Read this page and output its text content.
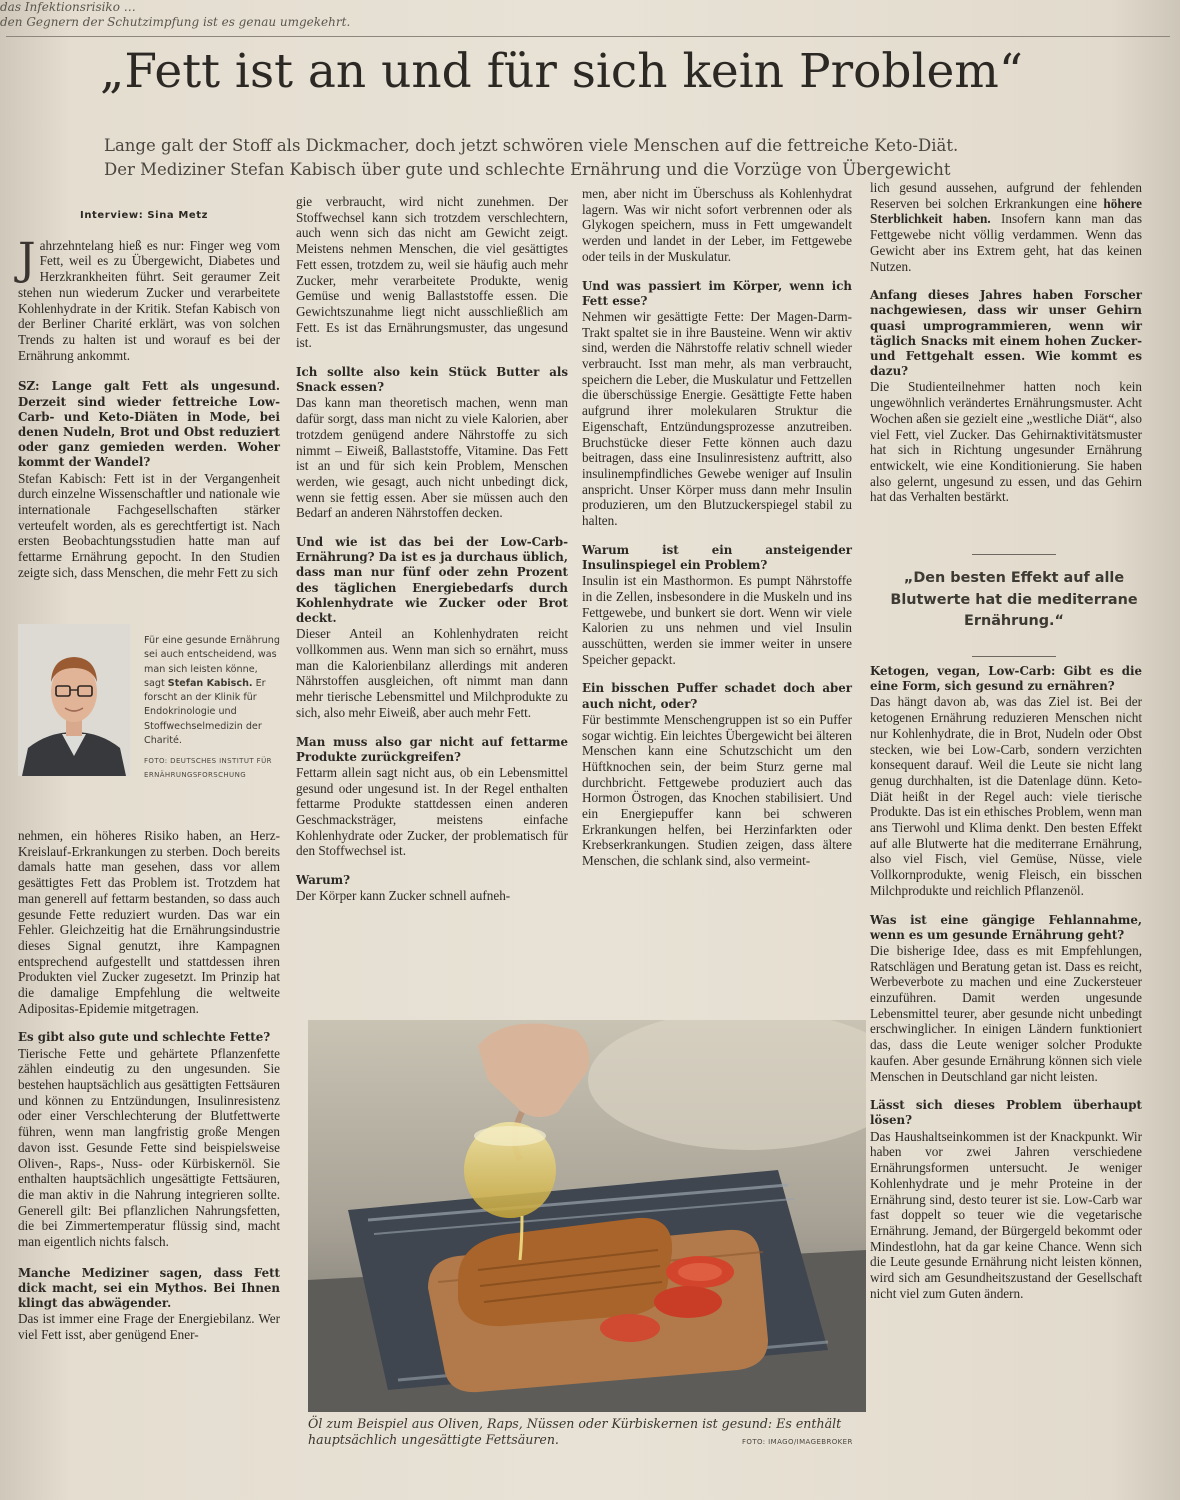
das Infektionsrisiko …
den Gegnern der Schutzimpfung ist es genau umgekehrt.
„Fett ist an und für sich kein Problem“
Lange galt der Stoff als Dickmacher, doch jetzt schwören viele Menschen auf die fettreiche Keto-Diät.
Der Mediziner Stefan Kabisch über gute und schlechte Ernährung und die Vorzüge von Übergewicht

Interview: Sina Metz

Jahrzehntelang hieß es nur: Finger weg vom Fett, weil es zu Übergewicht, Diabetes und Herzkrankheiten führt. Seit geraumer Zeit stehen nun wiederum Zucker und verarbeitete Kohlenhydrate in der Kritik. Stefan Kabisch von der Berliner Charité erklärt, was von solchen Trends zu halten ist und worauf es bei der Ernährung ankommt.

SZ: Lange galt Fett als ungesund. Derzeit sind wieder fettreiche Low-Carb- und Keto-Diäten in Mode, bei denen Nudeln, Brot und Obst reduziert oder ganz gemieden werden. Woher kommt der Wandel?

Stefan Kabisch: Fett ist in der Vergangenheit durch einzelne Wissenschaftler und nationale wie internationale Fachgesellschaften stärker verteufelt worden, als es gerechtfertigt ist. Nach ersten Beobachtungsstudien hatte man auf fettarme Ernährung gepocht. In den Studien zeigte sich, dass Menschen, die mehr Fett zu sich

Für eine gesunde Ernährung sei auch entscheidend, was man sich leisten könne, sagt Stefan Kabisch. Er forscht an der Klinik für Endokrinologie und Stoffwechselmedizin der Charité.
FOTO: DEUTSCHES INSTITUT FÜR ERNÄHRUNGSFORSCHUNG

nehmen, ein höheres Risiko haben, an Herz-Kreislauf-Erkrankungen zu sterben. Doch bereits damals hatte man gesehen, dass vor allem gesättigtes Fett das Problem ist. Trotzdem hat man generell auf fettarm bestanden, so dass auch gesunde Fette reduziert wurden. Das war ein Fehler. Gleichzeitig hat die Ernährungsindustrie dieses Signal genutzt, ihre Kampagnen entsprechend aufgestellt und stattdessen ihren Produkten viel Zucker zugesetzt. Im Prinzip hat die damalige Empfehlung die weltweite Adipositas-Epidemie mitgetragen.

Es gibt also gute und schlechte Fette?

Tierische Fette und gehärtete Pflanzenfette zählen eindeutig zu den ungesunden. Sie bestehen hauptsächlich aus gesättigten Fettsäuren und können zu Entzündungen, Insulinresistenz oder einer Verschlechterung der Blutfettwerte führen, wenn man langfristig große Mengen davon isst. Gesunde Fette sind beispielsweise Oliven-, Raps-, Nuss- oder Kürbiskernöl. Sie enthalten hauptsächlich ungesättigte Fettsäuren, die man aktiv in die Nahrung integrieren sollte. Generell gilt: Bei pflanzlichen Nahrungsfetten, die bei Zimmertemperatur flüssig sind, macht man eigentlich nichts falsch.

Manche Mediziner sagen, dass Fett dick macht, sei ein Mythos. Bei Ihnen klingt das abwägender.

Das ist immer eine Frage der Energiebilanz. Wer viel Fett isst, aber genügend Ener-

gie verbraucht, wird nicht zunehmen. Der Stoffwechsel kann sich trotzdem verschlechtern, auch wenn sich das nicht am Gewicht zeigt. Meistens nehmen Menschen, die viel gesättigtes Fett essen, trotzdem zu, weil sie häufig auch mehr Zucker, mehr verarbeitete Produkte, wenig Gemüse und wenig Ballaststoffe essen. Die Gewichtszunahme liegt nicht ausschließlich am Fett. Es ist das Ernährungsmuster, das ungesund ist.

Ich sollte also kein Stück Butter als Snack essen?

Das kann man theoretisch machen, wenn man dafür sorgt, dass man nicht zu viele Kalorien, aber trotzdem genügend andere Nährstoffe zu sich nimmt – Eiweiß, Ballaststoffe, Vitamine. Das Fett ist an und für sich kein Problem, Menschen werden, wie gesagt, auch nicht unbedingt dick, wenn sie fettig essen. Aber sie müssen auch den Bedarf an anderen Nährstoffen decken.

Und wie ist das bei der Low-Carb-Ernährung? Da ist es ja durchaus üblich, dass man nur fünf oder zehn Prozent des täglichen Energiebedarfs durch Kohlenhydrate wie Zucker oder Brot deckt.

Dieser Anteil an Kohlenhydraten reicht vollkommen aus. Wenn man sich so ernährt, muss man die Kalorienbilanz allerdings mit anderen Nährstoffen ausgleichen, oft nimmt man dann mehr tierische Lebensmittel und Milchprodukte zu sich, also mehr Eiweiß, aber auch mehr Fett.

Man muss also gar nicht auf fettarme Produkte zurückgreifen?

Fettarm allein sagt nicht aus, ob ein Lebensmittel gesund oder ungesund ist. In der Regel enthalten fettarme Produkte stattdessen einen anderen Geschmacksträger, meistens einfache Kohlenhydrate oder Zucker, der problematisch für den Stoffwechsel ist.

Warum?

Der Körper kann Zucker schnell aufneh-

men, aber nicht im Überschuss als Kohlenhydrat lagern. Was wir nicht sofort verbrennen oder als Glykogen speichern, muss in Fett umgewandelt werden und landet in der Leber, im Fettgewebe oder teils in der Muskulatur.

Und was passiert im Körper, wenn ich Fett esse?

Nehmen wir gesättigte Fette: Der Magen-Darm-Trakt spaltet sie in ihre Bausteine. Wenn wir aktiv sind, werden die Nährstoffe relativ schnell wieder verbraucht. Isst man mehr, als man verbraucht, speichern die Leber, die Muskulatur und Fettzellen die überschüssige Energie. Gesättigte Fette haben aufgrund ihrer molekularen Struktur die Eigenschaft, Entzündungsprozesse anzutreiben. Bruchstücke dieser Fette können auch dazu beitragen, dass eine Insulinresistenz auftritt, also insulinempfindliches Gewebe weniger auf Insulin anspricht. Unser Körper muss dann mehr Insulin produzieren, um den Blutzuckerspiegel stabil zu halten.

Warum ist ein ansteigender Insulinspiegel ein Problem?

Insulin ist ein Masthormon. Es pumpt Nährstoffe in die Zellen, insbesondere in die Muskeln und ins Fettgewebe, und bunkert sie dort. Wenn wir viele Kalorien zu uns nehmen und viel Insulin ausschütten, werden sie immer weiter in unsere Speicher gepackt.

Ein bisschen Puffer schadet doch aber auch nicht, oder?

Für bestimmte Menschengruppen ist so ein Puffer sogar wichtig. Ein leichtes Übergewicht bei älteren Menschen kann eine Schutzschicht um den Hüftknochen sein, der beim Sturz gerne mal durchbricht. Fettgewebe produziert auch das Hormon Östrogen, das Knochen stabilisiert. Und ein Energiepuffer kann bei schweren Erkrankungen helfen, bei Herzinfarkten oder Krebserkrankungen. Studien zeigen, dass ältere Menschen, die schlank sind, also vermeint-

lich gesund aussehen, aufgrund der fehlenden Reserven bei solchen Erkrankungen eine höhere Sterblichkeit haben. Insofern kann man das Fettgewebe nicht völlig verdammen. Wenn das Gewicht aber ins Extrem geht, hat das keinen Nutzen.

Anfang dieses Jahres haben Forscher nachgewiesen, dass wir unser Gehirn quasi umprogrammieren, wenn wir täglich Snacks mit einem hohen Zucker- und Fettgehalt essen. Wie kommt es dazu?

Die Studienteilnehmer hatten noch kein ungewöhnlich verändertes Ernährungsmuster. Acht Wochen aßen sie gezielt eine „westliche Diät“, also viel Fett, viel Zucker. Das Gehirnaktivitätsmuster hat sich in Richtung ungesunder Ernährung entwickelt, wie eine Konditionierung. Sie haben also gelernt, ungesund zu essen, und das Gehirn hat das Verhalten bestärkt.

„Den besten Effekt auf alle Blutwerte hat die mediterrane Ernährung.“

Ketogen, vegan, Low-Carb: Gibt es die eine Form, sich gesund zu ernähren?

Das hängt davon ab, was das Ziel ist. Bei der ketogenen Ernährung reduzieren Menschen nicht nur Kohlenhydrate, die in Brot, Nudeln oder Obst stecken, wie bei Low-Carb, sondern verzichten konsequent darauf. Weil die Leute sie nicht lang genug durchhalten, ist die Datenlage dünn. Keto-Diät heißt in der Regel auch: viele tierische Produkte. Das ist ein ethisches Problem, wenn man ans Tierwohl und Klima denkt. Den besten Effekt auf alle Blutwerte hat die mediterrane Ernährung, also viel Fisch, viel Gemüse, Nüsse, viele Vollkornprodukte, wenig Fleisch, ein bisschen Milchprodukte und reichlich Pflanzenöl.

Was ist eine gängige Fehlannahme, wenn es um gesunde Ernährung geht?

Die bisherige Idee, dass es mit Empfehlungen, Ratschlägen und Beratung getan ist. Dass es reicht, Werbeverbote zu machen und eine Zuckersteuer einzuführen. Damit werden ungesunde Lebensmittel teurer, aber gesunde nicht unbedingt erschwinglicher. In einigen Ländern funktioniert das, dass die Leute weniger solcher Produkte kaufen. Aber gesunde Ernährung können sich viele Menschen in Deutschland gar nicht leisten.

Lässt sich dieses Problem überhaupt lösen?

Das Haushaltseinkommen ist der Knackpunkt. Wir haben vor zwei Jahren verschiedene Ernährungsformen untersucht. Je weniger Kohlenhydrate und je mehr Proteine in der Ernährung sind, desto teurer ist sie. Low-Carb war fast doppelt so teuer wie die vegetarische Ernährung. Jemand, der Bürgergeld bekommt oder Mindestlohn, hat da gar keine Chance. Wenn sich die Leute gesunde Ernährung nicht leisten können, wird sich am Gesundheitszustand der Gesellschaft nicht viel zum Guten ändern.

Öl zum Beispiel aus Oliven, Raps, Nüssen oder Kürbiskernen ist gesund: Es enthält hauptsächlich ungesättigte Fettsäuren.	FOTO: IMAGO/IMAGEBROKER
